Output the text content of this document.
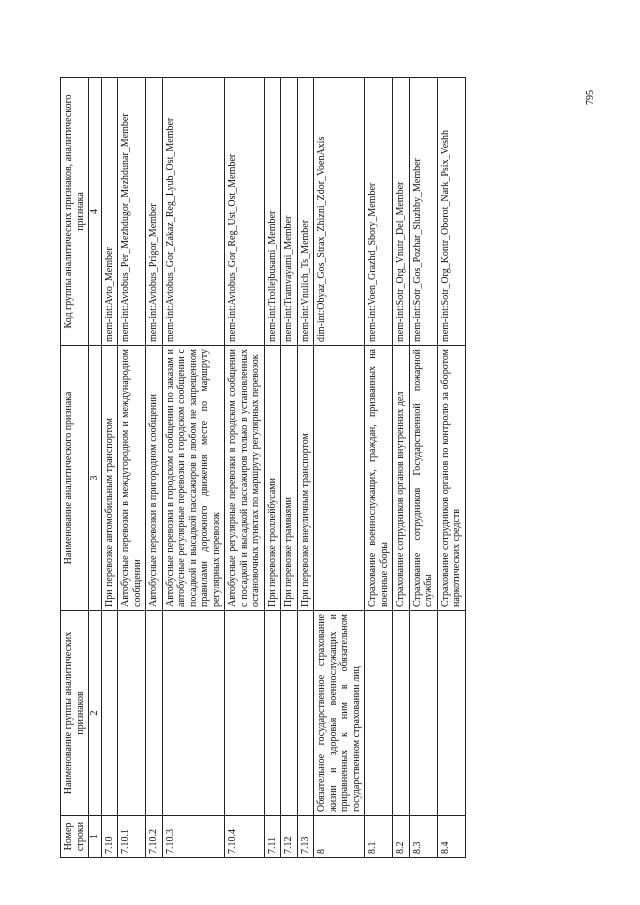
Номер строки	Наименование группы аналитических признаков	Наименование аналитического признака	Код группы аналитических признаков, аналитического признака
1	2	3	4
7.10		При перевозке автомобильным транспортом	mem-int:Avto_Member
7.10.1		Автобусные перевозки в междугородном и международном сообщении	mem-int:Avtobus_Per_Mezhdugor_Mezhdunar_Member
7.10.2		Автобусные перевозки в пригородном сообщении	mem-int:Avtobus_Prigor_Member
7.10.3		Автобусные перевозки в городском сообщении по заказам и автобусные регулярные перевозки в городском сообщении с посадкой и высадкой пассажиров в любом не запрещенном правилами дорожного движения месте по маршруту регулярных перевозок	mem-int:Avtobus_Gor_Zakaz_Reg_Lyub_Ost_Member
7.10.4		Автобусные регулярные перевозки в городском сообщении с посадкой и высадкой пассажиров только в установленных остановочных пунктах по маршруту регулярных перевозок	mem-int:Avtobus_Gor_Reg_Ust_Ost_Member
7.11		При перевозке троллейбусами	mem-int:Trollejbusami_Member
7.12		При перевозке трамваями	mem-int:Tramvayami_Member
7.13		При перевозке внеуличным транспортом	mem-int:Vnulich_Ts_Member
8	Обязательное государственное страхование жизни и здоровья военнослужащих и приравненных к ним в обязательном государственном страховании лиц		dim-int:Obyaz_Gos_Strax_Zhizni_Zdor_VoenAxis
8.1		Страхование военнослужащих, граждан, призванных на военные сборы	mem-int:Voen_Grazhd_Sbory_Member
8.2		Страхование сотрудников органов внутренних дел	mem-int:Sotr_Org_Vnutr_Del_Member
8.3		Страхование сотрудников Государственной пожарной службы	mem-int:Sotr_Gos_Pozhar_Sluzhby_Member
8.4		Страхование сотрудников органов по контролю за оборотом наркотических средств	mem-int:Sotr_Org_Kontr_Oborot_Nark_Psix_Veshh
795
